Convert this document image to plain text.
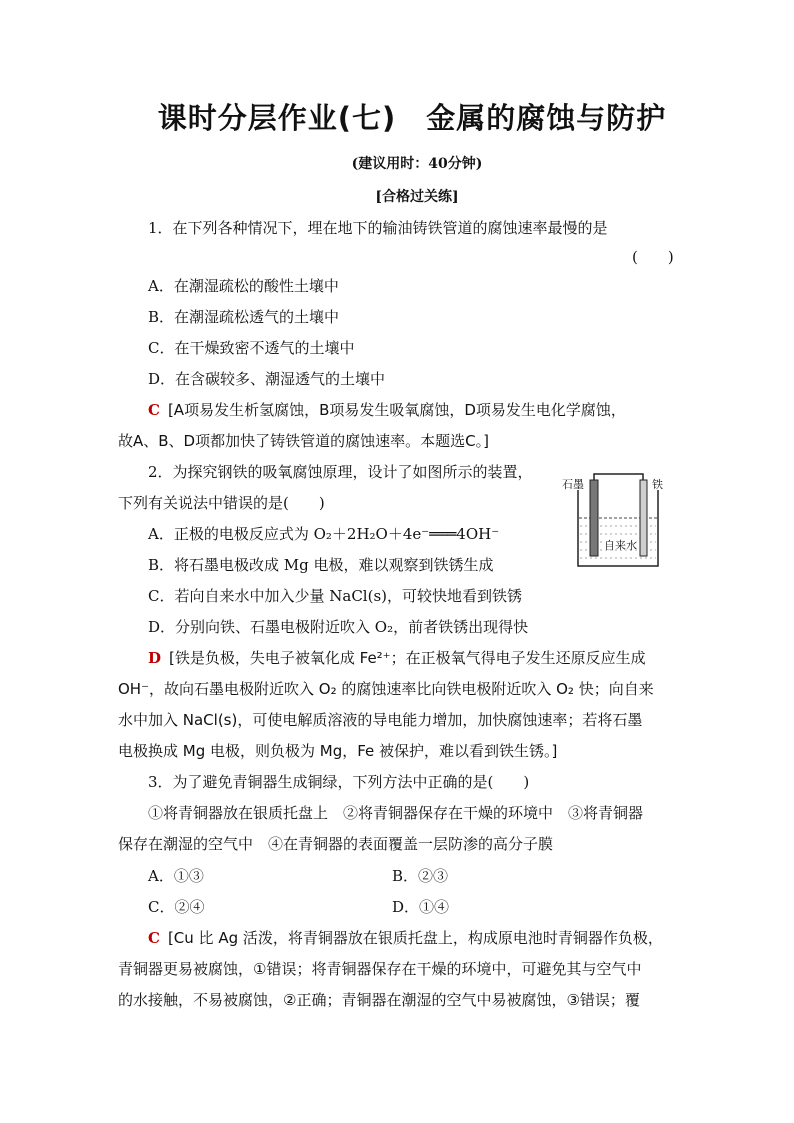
课时分层作业(七)　金属的腐蚀与防护
(建议用时：40分钟)
[合格过关练]
1．在下列各种情况下，埋在地下的输油铸铁管道的腐蚀速率最慢的是
(　　)
A．在潮湿疏松的酸性土壤中
B．在潮湿疏松透气的土壤中
C．在干燥致密不透气的土壤中
D．在含碳较多、潮湿透气的土壤中
C [A项易发生析氢腐蚀，B项易发生吸氧腐蚀，D项易发生电化学腐蚀，
故A、B、D项都加快了铸铁管道的腐蚀速率。本题选C。]
2．为探究钢铁的吸氧腐蚀原理，设计了如图所示的装置，
下列有关说法中错误的是(　　)
A．正极的电极反应式为 O₂＋2H₂O＋4e⁻═══4OH⁻
B．将石墨电极改成 Mg 电极，难以观察到铁锈生成
C．若向自来水中加入少量 NaCl(s)，可较快地看到铁锈
D．分别向铁、石墨电极附近吹入 O₂，前者铁锈出现得快
石墨	铁
自来水
D [铁是负极，失电子被氧化成 Fe²⁺；在正极氧气得电子发生还原反应生成
OH⁻，故向石墨电极附近吹入 O₂ 的腐蚀速率比向铁电极附近吹入 O₂ 快；向自来
水中加入 NaCl(s)，可使电解质溶液的导电能力增加，加快腐蚀速率；若将石墨
电极换成 Mg 电极，则负极为 Mg，Fe 被保护，难以看到铁生锈。]
3．为了避免青铜器生成铜绿，下列方法中正确的是(　　)
①将青铜器放在银质托盘上　②将青铜器保存在干燥的环境中　③将青铜器
保存在潮湿的空气中　④在青铜器的表面覆盖一层防渗的高分子膜
A．①③	B．②③
C．②④	D．①④
C [Cu 比 Ag 活泼，将青铜器放在银质托盘上，构成原电池时青铜器作负极，
青铜器更易被腐蚀，①错误；将青铜器保存在干燥的环境中，可避免其与空气中
的水接触，不易被腐蚀，②正确；青铜器在潮湿的空气中易被腐蚀，③错误；覆
